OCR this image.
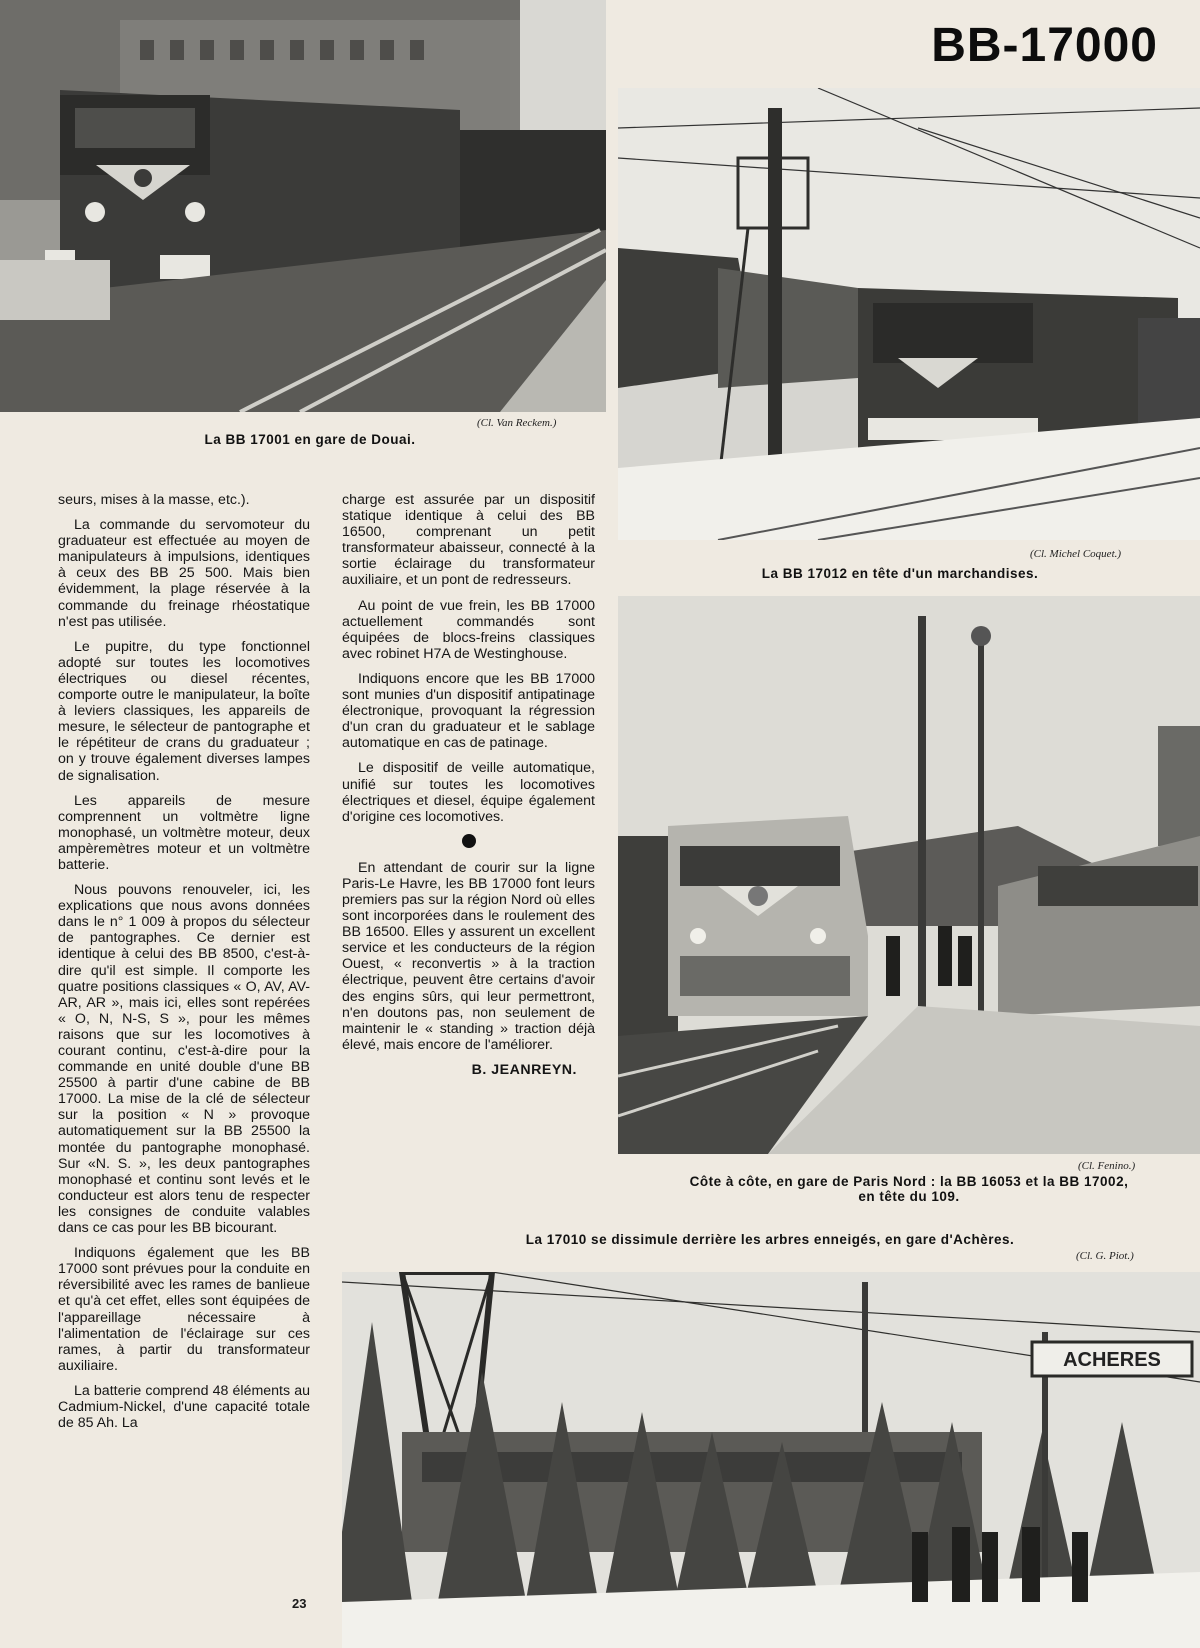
BB-17000
(Cl. Michel Coquet.)
La BB 17012 en tête d'un marchandises.
(Cl. Van Reckem.)
La BB 17001 en gare de Douai.
(Cl. Fenino.)
Côte à côte, en gare de Paris Nord : la BB 16053 et la BB 17002,
en tête du 109.
La 17010 se dissimule derrière les arbres enneigés, en gare d'Achères.
(Cl. G. Piot.)
ACHERES

seurs, mises à la masse, etc.).

La commande du servomoteur du graduateur est effectuée au moyen de manipulateurs à impulsions, identiques à ceux des BB 25 500. Mais bien évidemment, la plage réservée à la commande du freinage rhéostatique n'est pas utilisée.

Le pupitre, du type fonctionnel adopté sur toutes les locomotives électriques ou diesel récentes, comporte outre le manipulateur, la boîte à leviers classiques, les appareils de mesure, le sélecteur de pantographe et le répétiteur de crans du graduateur ; on y trouve également diverses lampes de signalisation.

Les appareils de mesure comprennent un voltmètre ligne monophasé, un voltmètre moteur, deux ampèremètres moteur et un voltmètre batterie.

Nous pouvons renouveler, ici, les explications que nous avons données dans le n° 1 009 à propos du sélecteur de pantographes. Ce dernier est identique à celui des BB 8500, c'est-à-dire qu'il est simple. Il comporte les quatre positions classiques « O, AV, AV-AR, AR », mais ici, elles sont repérées « O, N, N-S, S », pour les mêmes raisons que sur les locomotives à courant continu, c'est-à-dire pour la commande en unité double d'une BB 25500 à partir d'une cabine de BB 17000. La mise de la clé de sélecteur sur la position « N » provoque automatiquement sur la BB 25500 la montée du pantographe monophasé. Sur «N. S. », les deux pantographes monophasé et continu sont levés et le conducteur est alors tenu de respecter les consignes de conduite valables dans ce cas pour les BB bicourant.

Indiquons également que les BB 17000 sont prévues pour la conduite en réversibilité avec les rames de banlieue et qu'à cet effet, elles sont équipées de l'appareillage nécessaire à l'alimentation de l'éclairage sur ces rames, à partir du transformateur auxiliaire.

La batterie comprend 48 éléments au Cadmium-Nickel, d'une capacité totale de 85 Ah. La

charge est assurée par un dispositif statique identique à celui des BB 16500, comprenant un petit transformateur abaisseur, connecté à la sortie éclairage du transformateur auxiliaire, et un pont de redresseurs.

Au point de vue frein, les BB 17000 actuellement commandés sont équipées de blocs-freins classiques avec robinet H7A de Westinghouse.

Indiquons encore que les BB 17000 sont munies d'un dispositif antipatinage électronique, provoquant la régression d'un cran du graduateur et le sablage automatique en cas de patinage.

Le dispositif de veille automatique, unifié sur toutes les locomotives électriques et diesel, équipe également d'origine ces locomotives.

En attendant de courir sur la ligne Paris-Le Havre, les BB 17000 font leurs premiers pas sur la région Nord où elles sont incorporées dans le roulement des BB 16500. Elles y assurent un excellent service et les conducteurs de la région Ouest, « reconvertis » à la traction électrique, peuvent être certains d'avoir des engins sûrs, qui leur permettront, n'en doutons pas, non seulement de maintenir le « standing » traction déjà élevé, mais encore de l'améliorer.

B. JEANREYN.
23
